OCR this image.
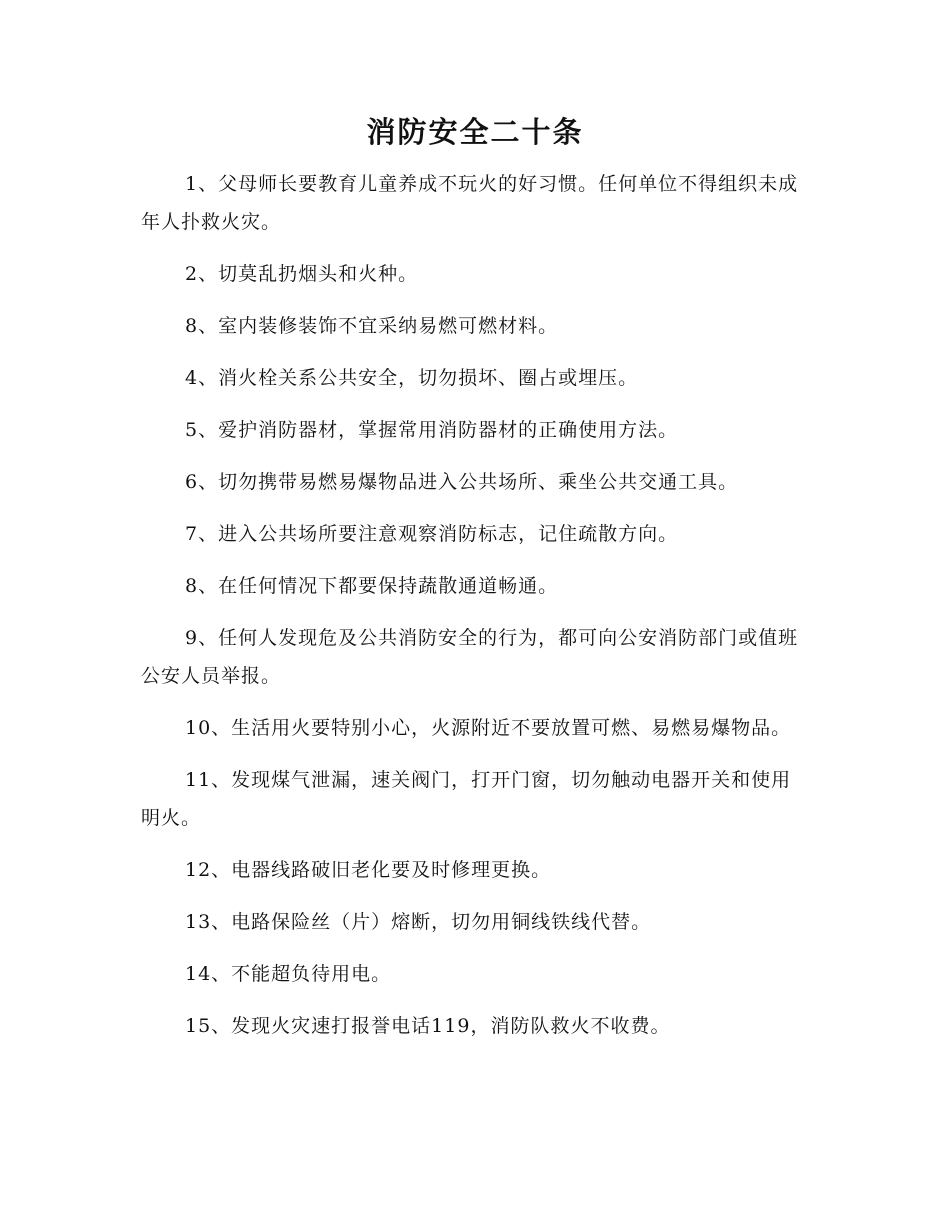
消防安全二十条

1、父母师长要教育儿童养成不玩火的好习惯。任何单位不得组织未成年人扑救火灾。

2、切莫乱扔烟头和火种。

8、室内装修装饰不宜采纳易燃可燃材料。

4、消火栓关系公共安全，切勿损坏、圈占或埋压。

5、爱护消防器材，掌握常用消防器材的正确使用方法。

6、切勿携带易燃易爆物品进入公共场所、乘坐公共交通工具。

7、进入公共场所要注意观察消防标志，记住疏散方向。

8、在任何情况下都要保持蔬散通道畅通。

9、任何人发现危及公共消防安全的行为，都可向公安消防部门或值班公安人员举报。

10、生活用火要特别小心，火源附近不要放置可燃、易燃易爆物品。

11、发现煤气泄漏，速关阀门，打开门窗，切勿触动电器开关和使用明火。

12、电器线路破旧老化要及时修理更换。

13、电路保险丝（片）熔断，切勿用铜线铁线代替。

14、不能超负待用电。

15、发现火灾速打报誉电话119，消防队救火不收费。
